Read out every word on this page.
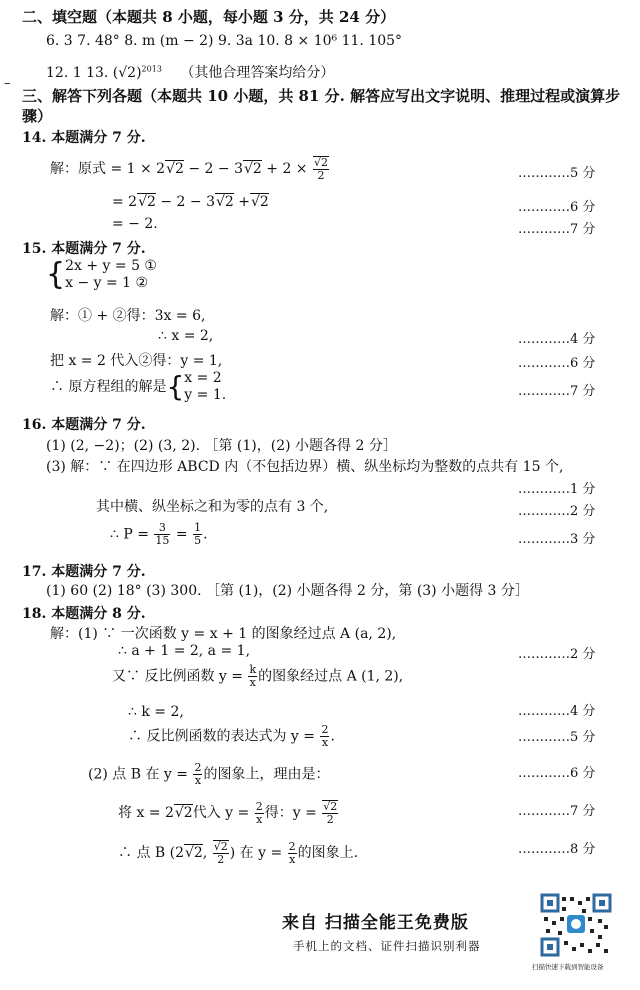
–
二、填空题（本题共 8 小题，每小题 3 分，共 24 分）
6. 3 7. 48° 8. m (m − 2) 9. 3a 10. 8 × 10⁶ 11. 105°
12. 1 13. $(√2)^{2013}$ （其他合理答案均给分）
三、解答下列各题（本题共 10 小题，共 81 分. 解答应写出文字说明、推理过程或演算步
骤）
14. 本题满分 7 分.
解：原式 = $1 \times 2√2 - 2 - 3√2 + 2 \times \frac{√2}{2}$	…………5 分
= 2√2 − 2 − 3√2 +√2	…………6 分
= − 2.	…………7 分
15. 本题满分 7 分.
{ 2x + y = 5 ①
x − y = 1 ②
解：① + ②得：3x = 6,
∴ x = 2,	…………4 分
把 x = 2 代入②得：y = 1,	…………6 分
∴ 原方程组的解是{ x = 2
y = 1.	…………7 分
16. 本题满分 7 分.
(1) (2, −2)；(2) (3, 2). ［第 (1)，(2) 小题各得 2 分］
(3) 解：∵ 在四边形 ABCD 内（不包括边界）横、纵坐标均为整数的点共有 15 个,
…………1 分
其中横、纵坐标之和为零的点有 3 个,	…………2 分
∴ $P = \frac{3}{15} = \frac{1}{5}$ .	…………3 分
17. 本题满分 7 分.
(1) 60 (2) 18° (3) 300. ［第 (1)，(2) 小题各得 2 分，第 (3) 小题得 3 分］
18. 本题满分 8 分.
解：(1) ∵ 一次函数 y = x + 1 的图象经过点 A (a, 2),
∴ a + 1 = 2, a = 1,	…………2 分
又∵ 反比例函数 $y = \frac{k}{x}$ 的图象经过点 A (1, 2),
∴ k = 2,	…………4 分
∴ 反比例函数的表达式为 $y = \frac{2}{x}$ .	…………5 分
(2) 点 B 在 $y = \frac{2}{x}$ 的图象上，理由是：	…………6 分
将 x = 2√2代入 $y = \frac{2}{x}$ 得：$y = \frac{√2}{2}$	…………7 分
∴ 点 B (2√2, $\frac{√2}{2}$ ) 在 $y = \frac{2}{x}$ 的图象上.	…………8 分
来自 扫描全能王免费版
手机上的文档、证件扫描识别利器
扫描快速下载到智能设备
